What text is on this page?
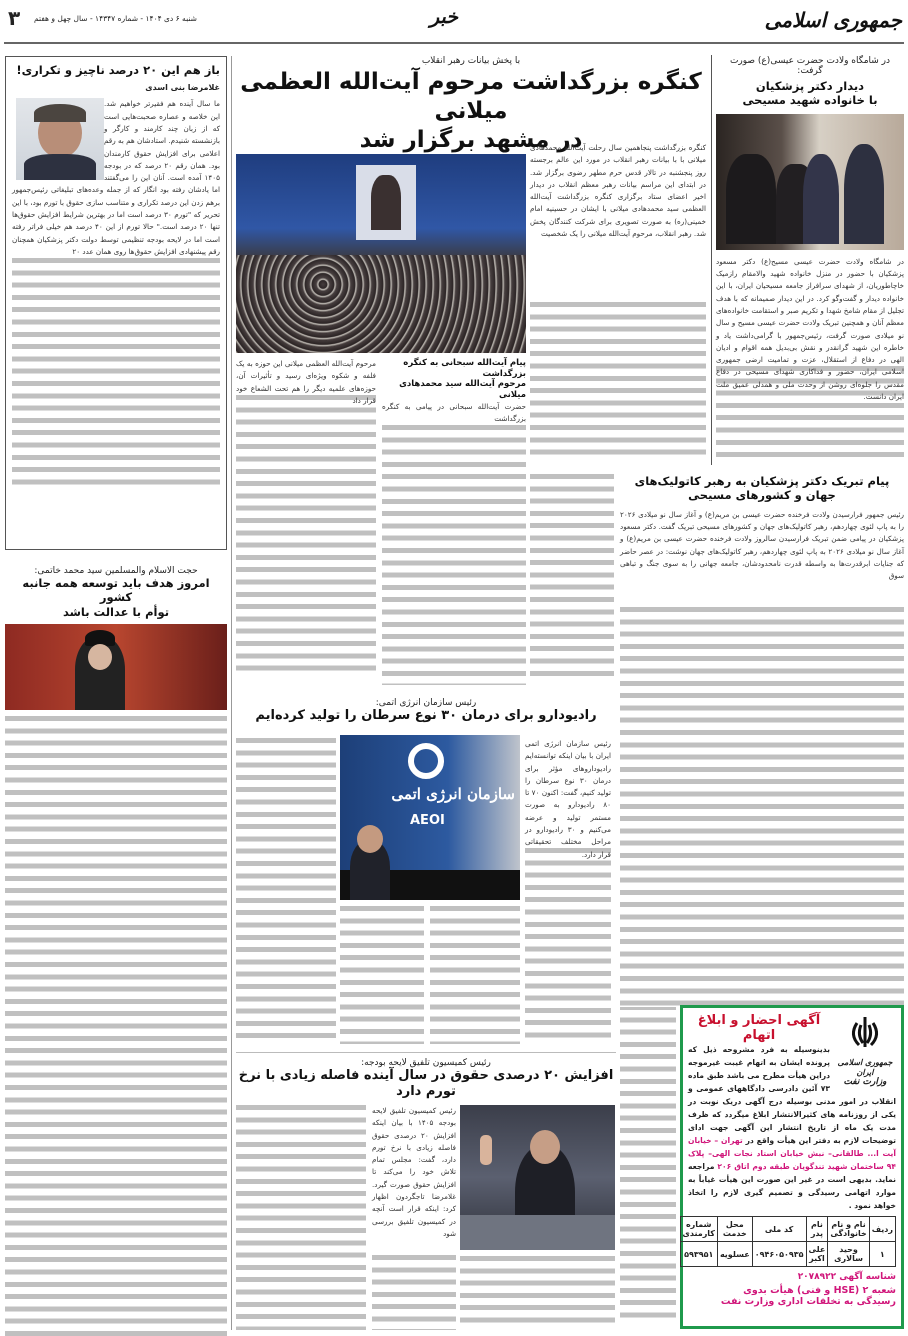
جمهوری اسلامی
خبر
شنبه ۶ دی ۱۴۰۴ - شماره ۱۴۳۴۷ - سال چهل و هفتم
۳
در شامگاه ولادت حضرت عیسی(ع) صورت گرفت:
دیدار دکتر پزشکیان
با خانواده شهید مسیحی
در شامگاه ولادت حضرت عیسی مسیح(ع) دکتر مسعود پزشکیان با حضور در منزل خانواده شهید والامقام رازمیک خاچاطوریان، از شهدای سرافراز جامعه مسیحیان ایران، با این خانواده دیدار و گفت‌وگو کرد. در این دیدار صمیمانه که با هدف تجلیل از مقام شامخ شهدا و تکریم صبر و استقامت خانواده‌های معظم آنان و همچنین تبریک ولادت حضرت عیسی مسیح و سال نو میلادی صورت گرفت، رئیس‌جمهور با گرامی‌داشت یاد و خاطره این شهید گرانقدر و نقش بی‌بدیل همه اقوام و ادیان الهی در دفاع از استقلال، عزت و تمامیت ارضی جمهوری اسلامی ایران، حضور و فداکاری شهدای مسیحی در دفاع مقدس را جلوه‌ای روشن از وحدت ملی و همدلی عمیق ملت ایران دانست.
پیام تبریک دکتر پزشکیان به رهبر کاتولیک‌های
جهان و کشورهای مسیحی
رئیس جمهور فرارسیدن ولادت فرخنده حضرت عیسی بن مریم(ع) و آغاز سال نو میلادی ۲۰۲۶ را به پاپ لئوی چهاردهم، رهبر کاتولیک‌های جهان و کشورهای مسیحی تبریک گفت. دکتر مسعود پزشکیان در پیامی ضمن تبریک فرارسیدن سالروز ولادت فرخنده حضرت عیسی بن مریم(ع) و آغاز سال نو میلادی ۲۰۲۶ به پاپ لئوی چهاردهم، رهبر کاتولیک‌های جهان نوشت: در عصر حاضر که جنایات ابرقدرت‌ها به واسطه قدرت نامحدودشان، جامعه جهانی را به سوی جنگ و تباهی سوق
با پخش بیانات رهبر انقلاب
کنگره بزرگداشت مرحوم آیت‌الله العظمی میلانی
در مشهد برگزار شد
کنگره بزرگداشت پنجاهمین سال رحلت آیت‌الله محمدهادی میلانی با با بیانات رهبر انقلاب در مورد این عالم برجسته روز پنجشنبه در تالار قدس حرم مطهر رضوی برگزار شد. در ابتدای این مراسم بیانات رهبر معظم انقلاب در دیدار اخیر اعضای ستاد برگزاری کنگره بزرگداشت آیت‌الله العظمی سید محمدهادی میلانی با ایشان در حسینیه امام خمینی(ره) به صورت تصویری برای شرکت کنندگان پخش شد. رهبر انقلاب، مرحوم آیت‌الله میلانی را یک شخصیت
پیام آیت‌الله سبحانی به کنگره بزرگداشت
مرحوم آیت‌الله سید محمدهادی میلانی
حضرت آیت‌الله سبحانی در پیامی به کنگره بزرگداشت
مرحوم آیت‌الله العظمی میلانی این حوزه به یک فلفه و شکوه ویژه‌ای رسید و تأثیرات آن، حوزه‌های علمیه دیگر را هم تحت الشعاع خود قرار داد
رئیس سازمان انرژی اتمی:
رادیودارو برای درمان ۳۰ نوع سرطان را تولید کرده‌ایم
سازمان انرژی اتمی
AEOI
رئیس سازمان انرژی اتمی ایران با بیان اینکه توانسته‌ایم رادیوداروهای مؤثر برای درمان ۳۰ نوع سرطان را تولید کنیم، گفت: اکنون ۷۰ تا ۸۰ رادیودارو به صورت مستمر تولید و عرضه می‌کنیم و ۳۰ رادیودارو در مراحل مختلف تحقیقاتی قرار دارد.
رئیس کمیسیون تلفیق لایحه بودجه:
افزایش ۲۰ درصدی حقوق در سال آینده فاصله زیادی با نرخ تورم دارد
رئیس کمیسیون تلفیق لایحه بودجه ۱۴۰۵ با بیان اینکه افزایش ۲۰ درصدی حقوق فاصله زیادی با نرخ تورم دارد، گفت: مجلس تمام تلاش خود را می‌کند تا افزایش حقوق صورت گیرد. غلامرضا تاجگردون اظهار کرد: اینکه قرار است آنچه در کمیسیون تلفیق بررسی شود
باز هم این ۲۰ درصد ناچیز و تکراری!
غلامرضا بنی اسدی
ما سال آینده هم فقیرتر خواهیم شد. این خلاصه و عصاره صحبت‌هایی است که از زبان چند کارمند و کارگر و بازنشسته شنیدم. استادشان هم به رقم اعلامی برای افزایش حقوق کارمندان بود. همان رقم ۲۰ درصد که در بودجه ۱۴۰۵ آمده است. آنان این را می‌گفتند اما یادشان رفته بود انگار که از جمله وعده‌های تبلیغاتی رئیس‌جمهور برهم زدن این درصد تکراری و متناسب سازی حقوق با تورم بود، با این تحریر که "تورم ۳۰ درصد است اما در بهترین شرایط افزایش حقوق‌ها تنها ۲۰ درصد است." حالا تورم از این ۴۰ درصد هم خیلی فراتر رفته است اما در لایحه بودجه تنظیمی توسط دولت دکتر پزشکیان همچنان رقم پیشنهادی افزایش حقوق‌ها روی همان عدد ۲۰
حجت الاسلام والمسلمین سید محمد خاتمی:
امروز هدف باید توسعه همه جانبه کشور
توأم با عدالت باشد
جمهوری اسلامی ایران
وزارت نفت
آگهی احضار و ابلاغ اتهام
بدینوسیله به فرد مشروحه ذیل که پرونده ایشان به اتهام غیبت غیرموجه دراین هیأت مطرح می باشد طبق ماده ۷۳ آئین دادرسی دادگاههای عمومی و انقلاب در امور مدنی بوسیله درج آگهی دریک نوبت در یکی از روزنامه های کثیرالانتشار ابلاغ میگردد که ظرف مدت یک ماه از تاریخ انتشار این آگهی جهت ادای توضیحات لازم به دفتر این هیأت واقع در تهران – خیابان آیت ا... طالقانی– نبش خیابان استاد نجات الهی– پلاک ۹۴ ساختمان شهید تندگویان طبقه دوم اتاق ۲۰۶ مراجعه نماید. بدیهی است در غیر این صورت این هیأت غیاباً به موارد اتهامی رسیدگی و تصمیم گیری لازم را اتخاذ خواهد نمود .
ردیف	نام و نام خانوادگی	نام پدر	کد ملی	محل خدمت	شماره کارمندی
۱	وحید سالاری	علی اکبر	۰۹۴۶۰۵۰۹۳۵	عسلویه	۵۹۳۹۵۱
شناسه آگهی ۲۰۷۸۹۲۲
شعبه ۲ (HSE و فنی) هیأت بدوی
رسیدگی به تخلفات اداری وزارت نفت
